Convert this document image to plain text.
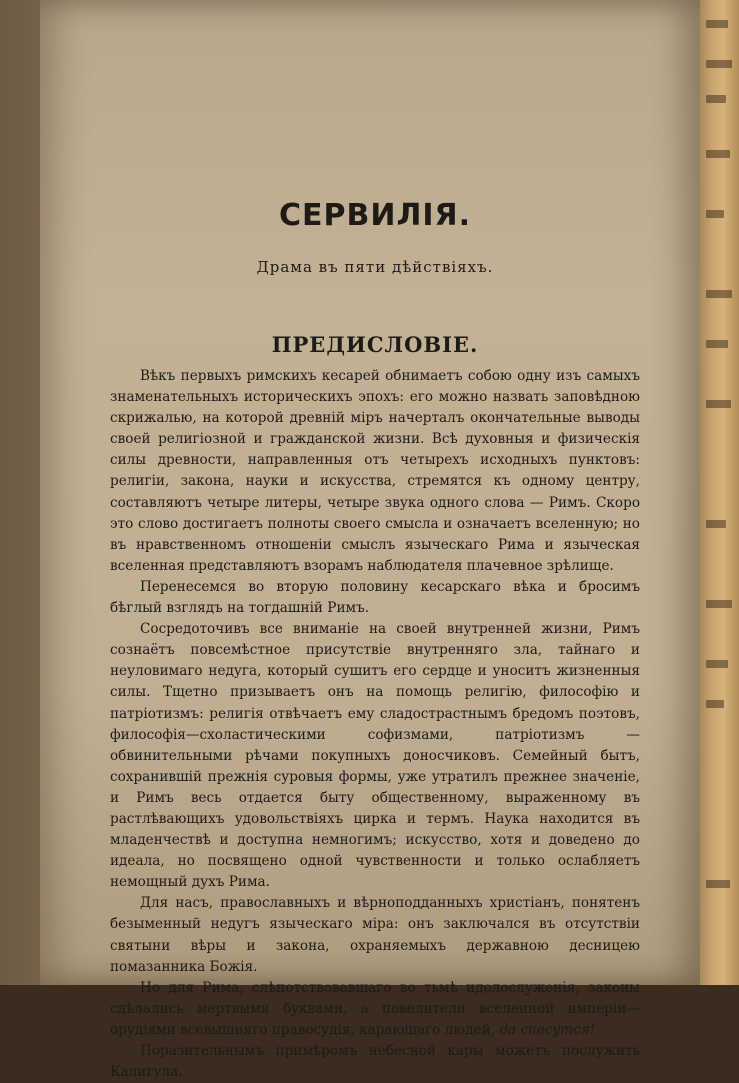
СЕРВИЛІЯ.

Драма въ пяти дѣйствіяхъ.

ПРЕДИСЛОВІЕ.

Вѣкъ первыхъ римскихъ кесарей обнимаетъ собою одну изъ самыхъ знаменательныхъ историческихъ эпохъ: его можно назвать заповѣдною скрижалью, на которой древній міръ начерталъ окончательные выводы своей религіозной и гражданской жизни. Всѣ духовныя и физическія силы древности, направленныя отъ четырехъ исходныхъ пунктовъ: религіи, закона, науки и искусства, стремятся къ одному центру, составляютъ четыре литеры, четыре звука одного слова — Римъ. Скоро это слово достигаетъ полноты своего смысла и означаетъ вселенную; но въ нравственномъ отношеніи смыслъ языческаго Рима и языческая вселенная представляютъ взорамъ наблюдателя плачевное зрѣлище.

Перенесемся во вторую половину кесарскаго вѣка и бросимъ бѣглый взглядъ на тогдашній Римъ.

Сосредоточивъ все вниманіе на своей внутренней жизни, Римъ сознаётъ повсемѣстное присутствіе внутренняго зла, тайнаго и неуловимаго недуга, который сушитъ его сердце и уноситъ жизненныя силы. Тщетно призываетъ онъ на помощь религію, философію и патріотизмъ: религія отвѣчаетъ ему сладострастнымъ бредомъ поэтовъ, философія—схоластическими софизмами, патріотизмъ — обвинительными рѣчами покупныхъ доносчиковъ. Семейный бытъ, сохранившій прежнія суровыя формы, уже утратилъ прежнее значеніе, и Римъ весь отдается быту общественному, выраженному въ растлѣвающихъ удовольствіяхъ цирка и термъ. Наука находится въ младенчествѣ и доступна немногимъ; искусство, хотя и доведено до идеала, но посвящено одной чувственности и только ослабляетъ немощный духъ Рима.

Для насъ, православныхъ и вѣрноподданныхъ христіанъ, понятенъ безыменный недугъ языческаго міра: онъ заключался въ отсутствіи святыни вѣры и закона, охраняемыхъ державною десницею помазанника Божія.

Но для Рима, слѣпотствовавшаго во тьмѣ идолослуженія, законы сдѣлались мертвыми буквами, а повелители вселенной имперіи—орудіями всевышняго правосудія, карающаго людей, да спасутся!

Поразительнымъ примѣромъ небесной кары можетъ послужить Калигула.
